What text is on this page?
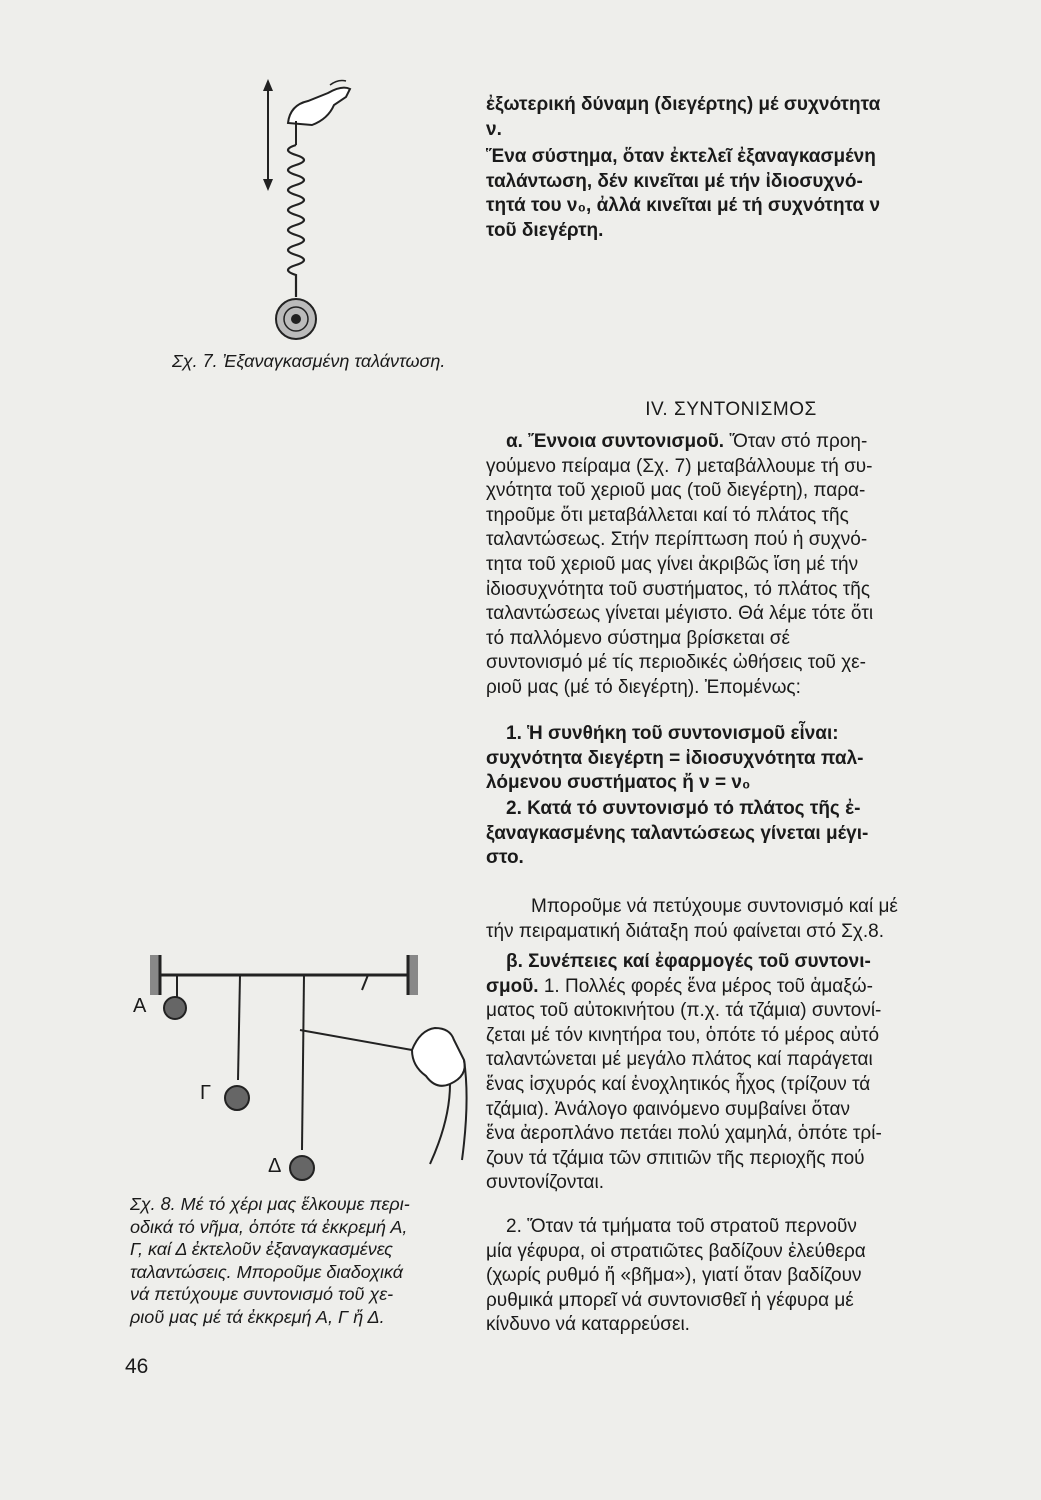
Σχ. 7. Ἐξαναγκασμένη ταλάντωση.
Α
Γ
Δ
Σχ. 8. Μέ τό χέρι μας ἕλκουμε περι-
οδικά τό νῆμα, ὁπότε τά ἐκκρεμή Α,
Γ, καί Δ ἐκτελοῦν ἐξαναγκασμένες
ταλαντώσεις. Μποροῦμε διαδοχικά
νά πετύχουμε συντονισμό τοῦ χε-
ριοῦ μας μέ τά ἐκκρεμή Α, Γ ἤ Δ.
46
ἐξωτερική δύναμη (διεγέρτης) μέ συχνότητα
ν.
Ἕνα σύστημα, ὅταν ἐκτελεῖ ἐξαναγκασμένη
ταλάντωση, δέν κινεῖται μέ τήν ἰδιοσυχνό-
τητά του ν₀, ἀλλά κινεῖται μέ τή συχνότητα ν
τοῦ διεγέρτη.
IV. ΣΥΝΤΟΝΙΣΜΟΣ
α. Ἔννοια συντονισμοῦ. Ὅταν στό προη-
γούμενο πείραμα (Σχ. 7) μεταβάλλουμε τή συ-
χνότητα τοῦ χεριοῦ μας (τοῦ διεγέρτη), παρα-
τηροῦμε ὅτι μεταβάλλεται καί τό πλάτος τῆς
ταλαντώσεως. Στήν περίπτωση πού ἡ συχνό-
τητα τοῦ χεριοῦ μας γίνει ἀκριβῶς ἴση μέ τήν
ἰδιοσυχνότητα τοῦ συστήματος, τό πλάτος τῆς
ταλαντώσεως γίνεται μέγιστο. Θά λέμε τότε ὅτι
τό παλλόμενο σύστημα βρίσκεται σέ
συντονισμό μέ τίς περιοδικές ὠθήσεις τοῦ χε-
ριοῦ μας (μέ τό διεγέρτη). Ἐπομένως:
1. Ἡ συνθήκη τοῦ συντονισμοῦ εἶναι:
συχνότητα διεγέρτη = ἰδιοσυχνότητα παλ-
λόμενου συστήματος ἤ ν = ν₀
2. Κατά τό συντονισμό τό πλάτος τῆς ἐ-
ξαναγκασμένης ταλαντώσεως γίνεται μέγι-
στο.
Μποροῦμε νά πετύχουμε συντονισμό καί μέ
τήν πειραματική διάταξη πού φαίνεται στό Σχ.8.
β. Συνέπειες καί ἐφαρμογές τοῦ συντονι-
σμοῦ. 1. Πολλές φορές ἕνα μέρος τοῦ ἁμαξώ-
ματος τοῦ αὐτοκινήτου (π.χ. τά τζάμια) συντονί-
ζεται μέ τόν κινητήρα του, ὁπότε τό μέρος αὐτό
ταλαντώνεται μέ μεγάλο πλάτος καί παράγεται
ἕνας ἰσχυρός καί ἐνοχλητικός ἦχος (τρίζουν τά
τζάμια). Ἀνάλογο φαινόμενο συμβαίνει ὅταν
ἕνα ἀεροπλάνο πετάει πολύ χαμηλά, ὁπότε τρί-
ζουν τά τζάμια τῶν σπιτιῶν τῆς περιοχῆς πού
συντονίζονται.
2. Ὅταν τά τμήματα τοῦ στρατοῦ περνοῦν
μία γέφυρα, οἱ στρατιῶτες βαδίζουν ἐλεύθερα
(χωρίς ρυθμό ἤ «βῆμα»), γιατί ὅταν βαδίζουν
ρυθμικά μπορεῖ νά συντονισθεῖ ἡ γέφυρα μέ
κίνδυνο νά καταρρεύσει.
